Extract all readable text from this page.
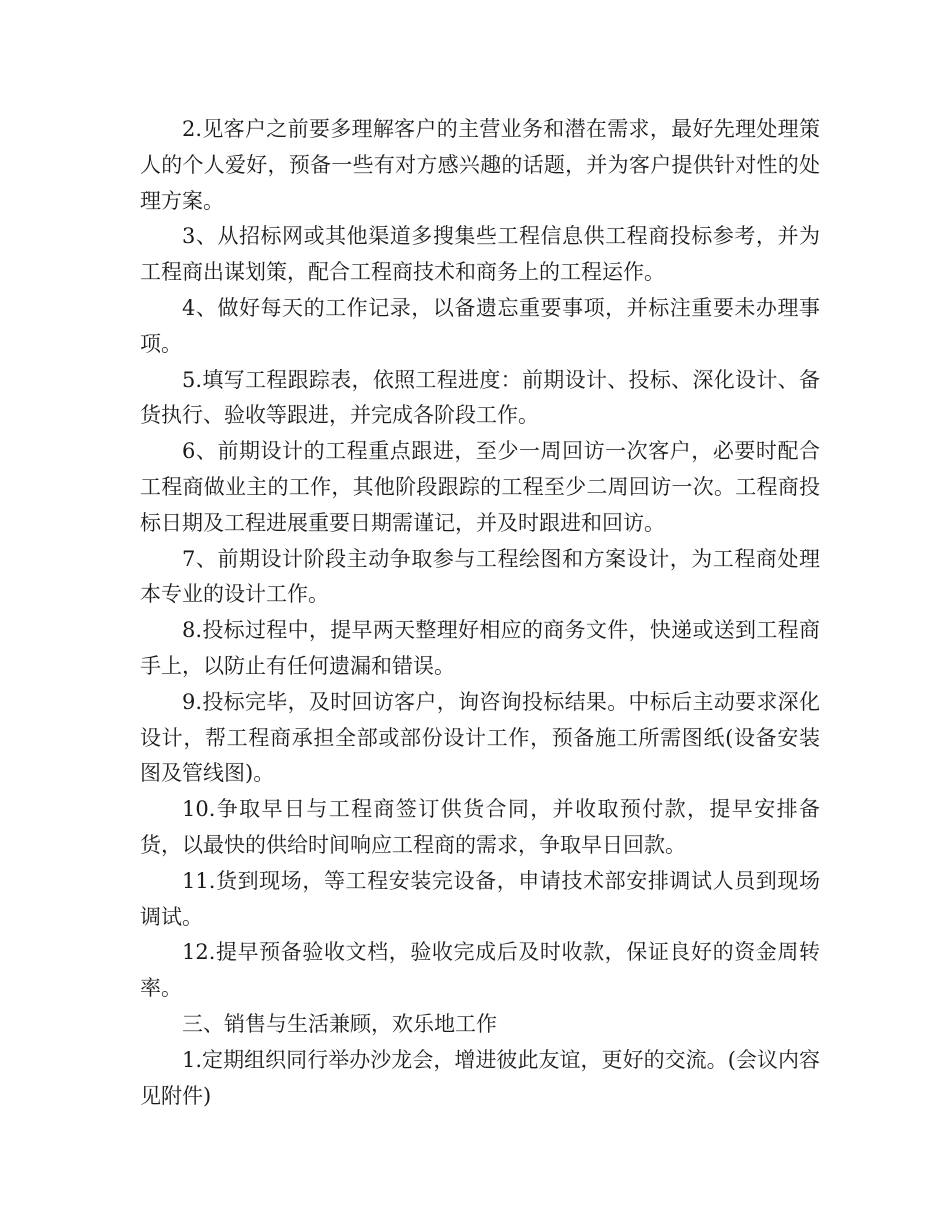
2.见客户之前要多理解客户的主营业务和潜在需求，最好先理处理策人的个人爱好，预备一些有对方感兴趣的话题，并为客户提供针对性的处理方案。

3、从招标网或其他渠道多搜集些工程信息供工程商投标参考，并为工程商出谋划策，配合工程商技术和商务上的工程运作。

4、做好每天的工作记录，以备遗忘重要事项，并标注重要未办理事项。

5.填写工程跟踪表，依照工程进度：前期设计、投标、深化设计、备货执行、验收等跟进，并完成各阶段工作。

6、前期设计的工程重点跟进，至少一周回访一次客户，必要时配合工程商做业主的工作，其他阶段跟踪的工程至少二周回访一次。工程商投标日期及工程进展重要日期需谨记，并及时跟进和回访。

7、前期设计阶段主动争取参与工程绘图和方案设计，为工程商处理本专业的设计工作。

8.投标过程中，提早两天整理好相应的商务文件，快递或送到工程商手上，以防止有任何遗漏和错误。

9.投标完毕，及时回访客户，询咨询投标结果。中标后主动要求深化设计，帮工程商承担全部或部份设计工作，预备施工所需图纸(设备安装图及管线图)。

10.争取早日与工程商签订供货合同，并收取预付款，提早安排备货，以最快的供给时间响应工程商的需求，争取早日回款。

11.货到现场，等工程安装完设备，申请技术部安排调试人员到现场调试。

12.提早预备验收文档，验收完成后及时收款，保证良好的资金周转率。

三、销售与生活兼顾，欢乐地工作

1.定期组织同行举办沙龙会，增进彼此友谊，更好的交流。(会议内容见附件)
